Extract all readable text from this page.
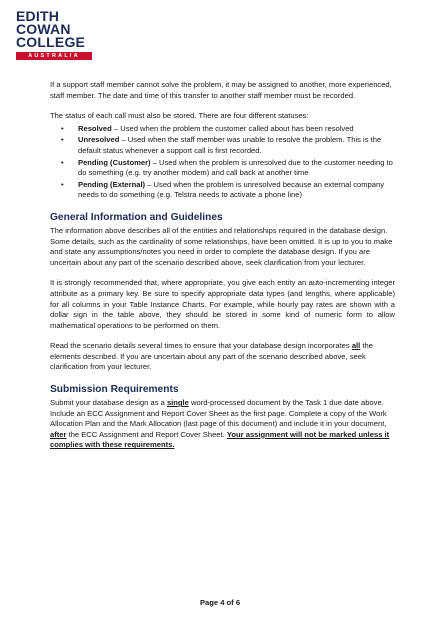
EDITH
COWAN
COLLEGE
AUSTRALIA

If a support staff member cannot solve the problem, it may be assigned to another, more experienced, staff member. The date and time of this transfer to another staff member must be recorded.

The status of each call must also be stored. There are four different statuses:

• Resolved – Used when the problem the customer called about has been resolved
• Unresolved – Used when the staff member was unable to resolve the problem. This is the default status whenever a support call is first recorded.
• Pending (Customer) – Used when the problem is unresolved due to the customer needing to do something (e.g. try another modem) and call back at another time
• Pending (External) – Used when the problem is unresolved because an external company needs to do something (e.g. Telstra needs to activate a phone line)
General Information and Guidelines

The information above describes all of the entities and relationships required in the database design. Some details, such as the cardinality of some relationships, have been omitted. It is up to you to make and state any assumptions/notes you need in order to complete the database design. If you are uncertain about any part of the scenario described above, seek clarification from your lecturer.

It is strongly recommended that, where appropriate, you give each entity an auto-incrementing integer attribute as a primary key. Be sure to specify appropriate data types (and lengths, where applicable) for all columns in your Table Instance Charts. For example, while hourly pay rates are shown with a dollar sign in the table above, they should be stored in some kind of numeric form to allow mathematical operations to be performed on them.

Read the scenario details several times to ensure that your database design incorporates all the elements described. If you are uncertain about any part of the scenario described above, seek clarification from your lecturer.

Submission Requirements

Submit your database design as a single word-processed document by the Task 1 due date above. Include an ECC Assignment and Report Cover Sheet as the first page. Complete a copy of the Work Allocation Plan and the Mark Allocation (last page of this document) and include it in your document, after the ECC Assignment and Report Cover Sheet. Your assignment will not be marked unless it complies with these requirements.

Page 4 of 6
